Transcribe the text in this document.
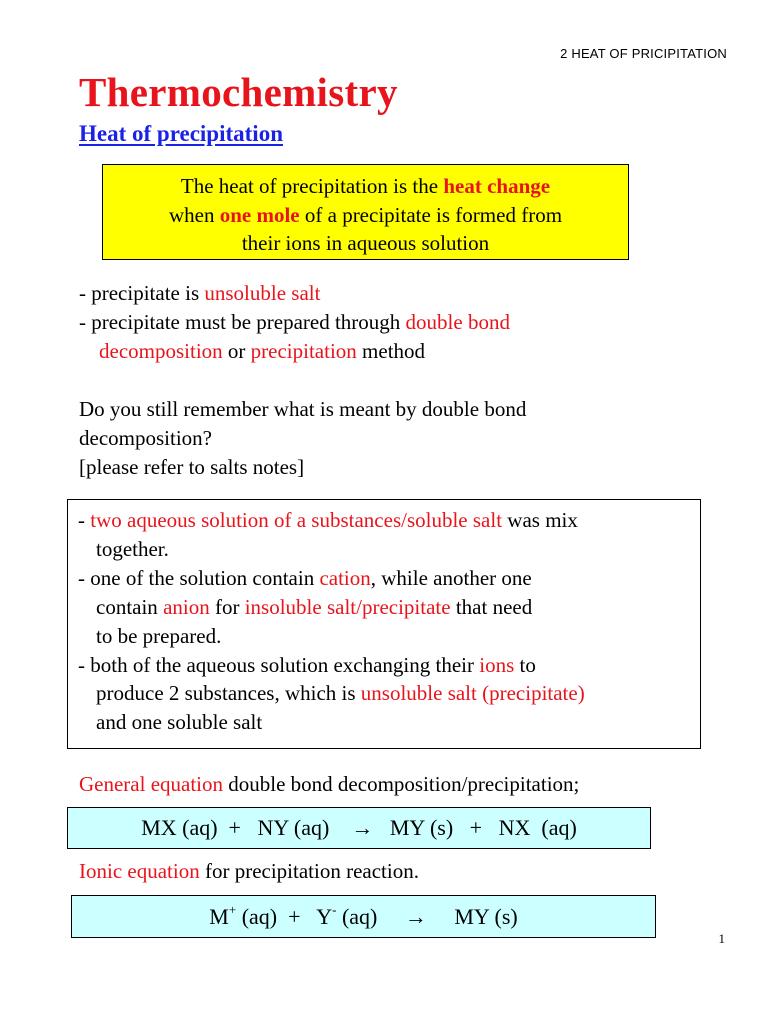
2 HEAT OF PRICIPITATION
Thermochemistry
Heat of precipitation
The heat of precipitation is the heat change
when one mole of a precipitate is formed from
their ions in aqueous solution
- precipitate is unsoluble salt
- precipitate must be prepared through double bond
decomposition or precipitation method
Do you still remember what is meant by double bond
decomposition?
[please refer to salts notes]
- two aqueous solution of a substances/soluble salt was mix
together.
- one of the solution contain cation, while another one
contain anion for insoluble salt/precipitate that need
to be prepared.
- both of the aqueous solution exchanging their ions to
produce 2 substances, which is unsoluble salt (precipitate)
and one soluble salt
General equation double bond decomposition/precipitation;
MX (aq)  +   NY (aq)    →   MY (s)   +   NX  (aq)
Ionic equation for precipitation reaction.
M+ (aq)  +   Y- (aq)     →     MY (s)
1
